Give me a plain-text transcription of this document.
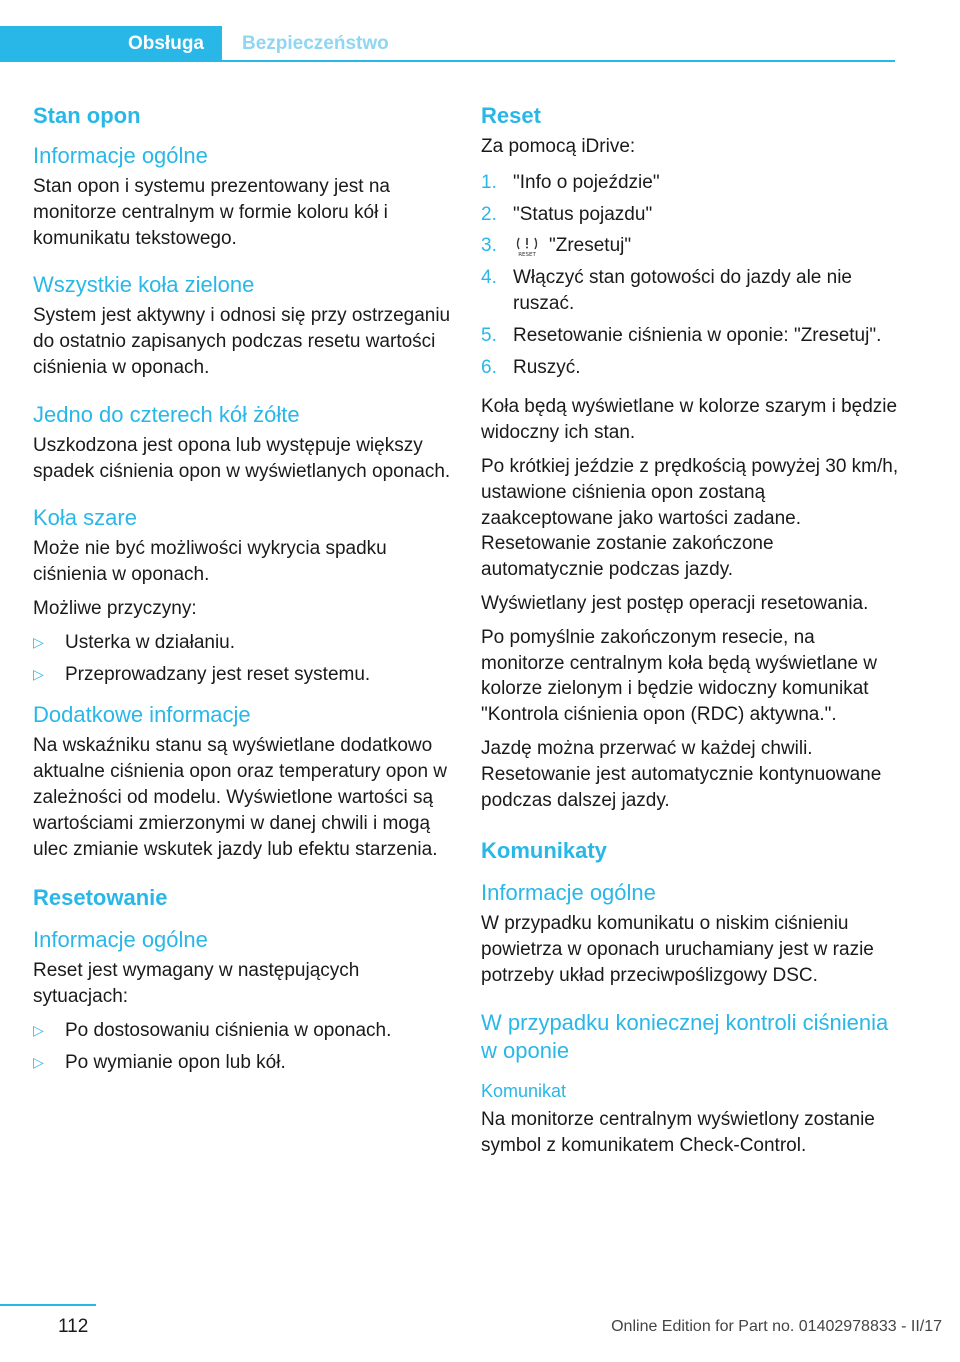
Obsługa	Bezpieczeństwo
Stan opon
Informacje ogólne

Stan opon i systemu prezentowany jest na monitorze centralnym w formie koloru kół i komunikatu tekstowego.

Wszystkie koła zielone

System jest aktywny i odnosi się przy ostrzeganiu do ostatnio zapisanych podczas resetu wartości ciśnienia w oponach.

Jedno do czterech kół żółte

Uszkodzona jest opona lub występuje większy spadek ciśnienia opon w wyświetlanych oponach.

Koła szare

Może nie być możliwości wykrycia spadku ciśnienia w oponach.

Możliwe przyczyny:

▷ Usterka w działaniu.
▷ Przeprowadzany jest reset systemu.
Dodatkowe informacje

Na wskaźniku stanu są wyświetlane dodatkowo aktualne ciśnienia opon oraz temperatury opon w zależności od modelu. Wyświetlone wartości są wartościami zmierzonymi w danej chwili i mogą ulec zmianie wskutek jazdy lub efektu starzenia.

Resetowanie
Informacje ogólne

Reset jest wymagany w następujących sytuacjach:

▷ Po dostosowaniu ciśnienia w oponach.
▷ Po wymianie opon lub kół.
Reset

Za pomocą iDrive:

1. "Info o pojeździe"
2. "Status pojazdu"
3.	RESET "Zresetuj"
4. Włączyć stan gotowości do jazdy ale nie ruszać.
5. Resetowanie ciśnienia w oponie: "Zresetuj".
6. Ruszyć.

Koła będą wyświetlane w kolorze szarym i będzie widoczny ich stan.

Po krótkiej jeździe z prędkością powyżej 30 km/h, ustawione ciśnienia opon zostaną zaakceptowane jako wartości zadane. Resetowanie zostanie zakończone automatycznie podczas jazdy.

Wyświetlany jest postęp operacji resetowania.

Po pomyślnie zakończonym resecie, na monitorze centralnym koła będą wyświetlane w kolorze zielonym i będzie widoczny komunikat "Kontrola ciśnienia opon (RDC) aktywna.".

Jazdę można przerwać w każdej chwili. Resetowanie jest automatycznie kontynuowane podczas dalszej jazdy.

Komunikaty
Informacje ogólne

W przypadku komunikatu o niskim ciśnieniu powietrza w oponach uruchamiany jest w razie potrzeby układ przeciwpoślizgowy DSC.

W przypadku koniecznej kontroli ciśnienia w oponie
Komunikat

Na monitorze centralnym wyświetlony zostanie symbol z komunikatem Check-Control.

112	Online Edition for Part no. 01402978833 - II/17
